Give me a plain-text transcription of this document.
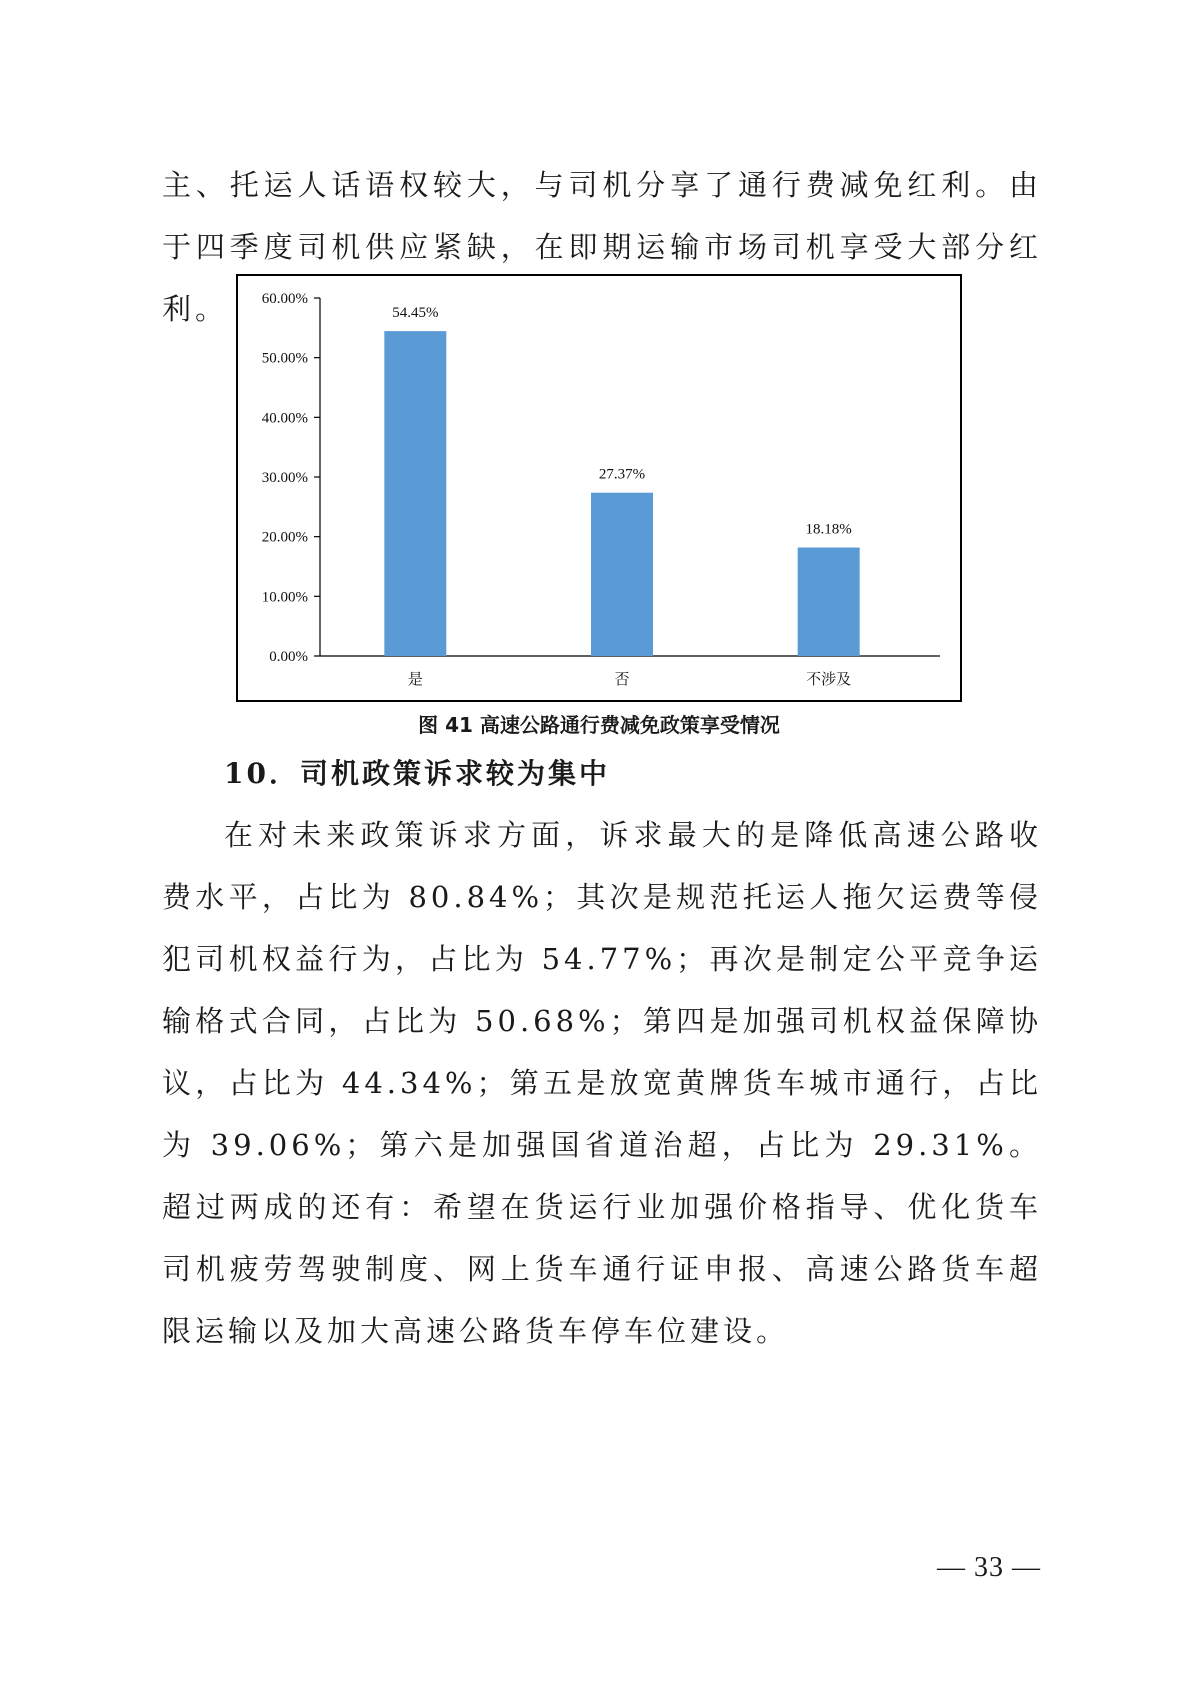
主、托运人话语权较大，与司机分享了通行费减免红利。由于四季度司机供应紧缺，在即期运输市场司机享受大部分红利。

0.00%
10.00%
20.00%
30.00%
40.00%
50.00%
60.00%
54.45%
是
27.37%
否
18.18%
不涉及

图 41 高速公路通行费减免政策享受情况

10．司机政策诉求较为集中

在对未来政策诉求方面，诉求最大的是降低高速公路收费水平，占比为 80.84%；其次是规范托运人拖欠运费等侵犯司机权益行为，占比为 54.77%；再次是制定公平竞争运输格式合同，占比为 50.68%；第四是加强司机权益保障协议，占比为 44.34%；第五是放宽黄牌货车城市通行，占比为 39.06%；第六是加强国省道治超，占比为 29.31%。超过两成的还有：希望在货运行业加强价格指导、优化货车司机疲劳驾驶制度、网上货车通行证申报、高速公路货车超限运输以及加大高速公路货车停车位建设。

— 33 —
